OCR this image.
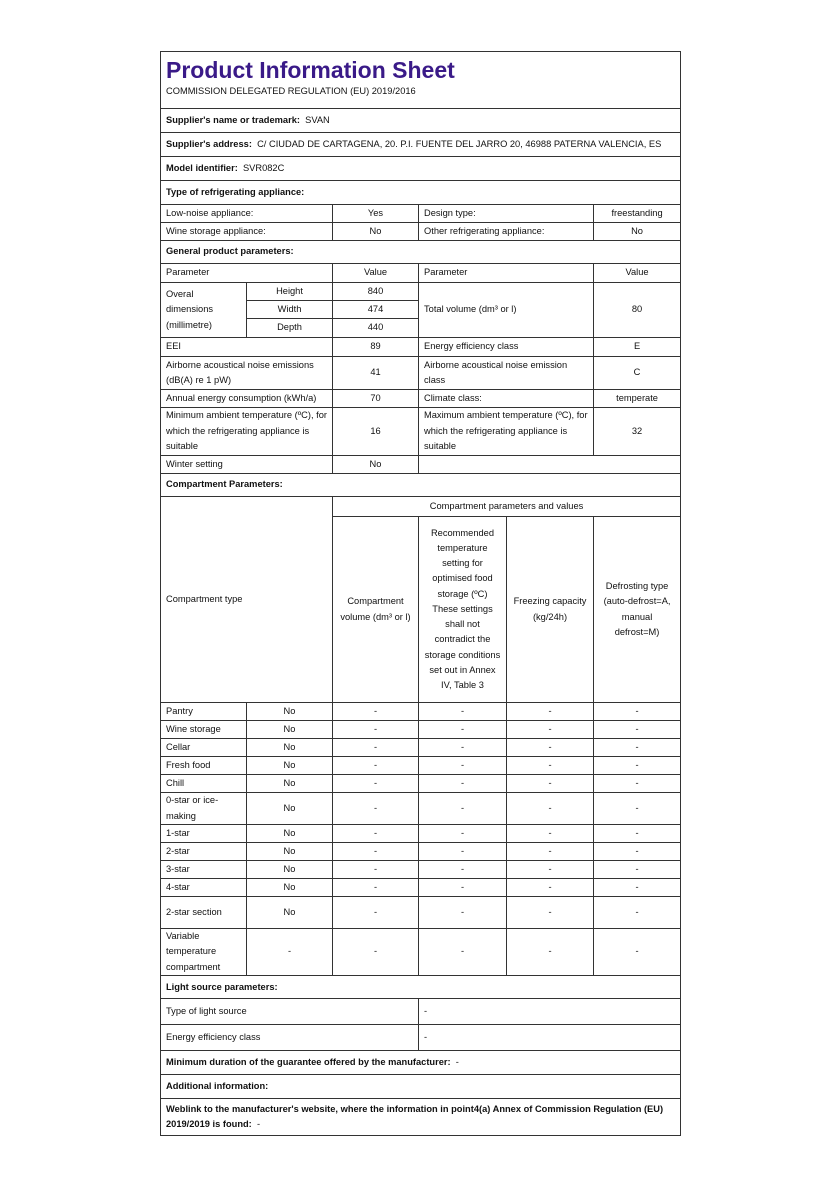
Product Information Sheet
COMMISSION DELEGATED REGULATION (EU) 2019/2016					

Supplier's name or trademark: SVAN					
Supplier's address: C/ CIUDAD DE CARTAGENA, 20. P.I. FUENTE DEL JARRO 20, 46988 PATERNA VALENCIA, ES					
Model identifier: SVR082C					
Type of refrigerating appliance:					
Low-noise appliance:		Yes	Design type:		freestanding
Wine storage appliance:		No	Other refrigerating appliance:		No
General product parameters:					
Parameter		Value	Parameter		Value
Overal dimensions (millimetre)	Height	840	Total volume (dm³ or l)		80
	Width	474			
	Depth	440			
EEI		89	Energy efficiency class		E
Airborne acoustical noise emissions (dB(A) re 1 pW)		41	Airborne acoustical noise emission class		C
Annual energy consumption (kWh/a)		70	Climate class:		temperate
Minimum ambient temperature (ºC), for which the refrigerating appliance is suitable		16	Maximum ambient temperature (ºC), for which the refrigerating appliance is suitable		32
Winter setting		No			
Compartment Parameters:					
Compartment type		Compartment parameters and values			
		Compartment volume (dm³ or l)	Recommended temperature setting for optimised food storage (ºC) These settings shall not contradict the storage conditions set out in Annex IV, Table 3	Freezing capacity (kg/24h)	Defrosting type (auto-defrost=A, manual defrost=M)
Pantry	No	-	-	-	-
Wine storage	No	-	-	-	-
Cellar	No	-	-	-	-
Fresh food	No	-	-	-	-
Chill	No	-	-	-	-
0-star or ice-making	No	-	-	-	-
1-star	No	-	-	-	-
2-star	No	-	-	-	-
3-star	No	-	-	-	-
4-star	No	-	-	-	-
2-star section	No	-	-	-	-
Variable temperature compartment	-	-	-	-	-
Light source parameters:					
Type of light source			-		
Energy efficiency class			-		
Minimum duration of the guarantee offered by the manufacturer: -					
Additional information:					
Weblink to the manufacturer's website, where the information in point4(a) Annex of Commission Regulation (EU) 2019/2019 is found: -					
